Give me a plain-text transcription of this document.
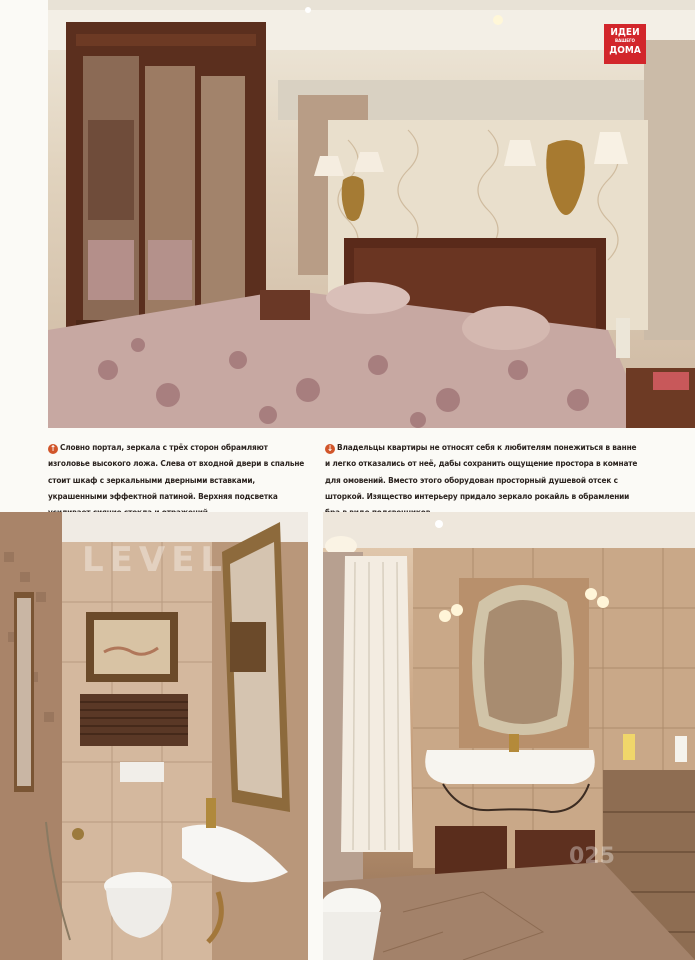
ИДЕИ
ВАШЕГО
ДОМА
↑ Словно портал, зеркала с трёх сторон обрамляют изголовье высокого ложа. Слева от входной двери в спальне стоит шкаф с зеркальными дверными вставками, украшенными эффектной патиной. Верхняя подсветка
↓ Владельцы квартиры не относят себя к любителям понежиться в ванне и легко отказались от неё, дабы сохранить ощущение простора в комнате для омовений. Вместо этого оборудован просторный душевой отсек с шторкой. Изящество интерьеру придало зеркало рокайль в обрамлении
LEVEL
025
